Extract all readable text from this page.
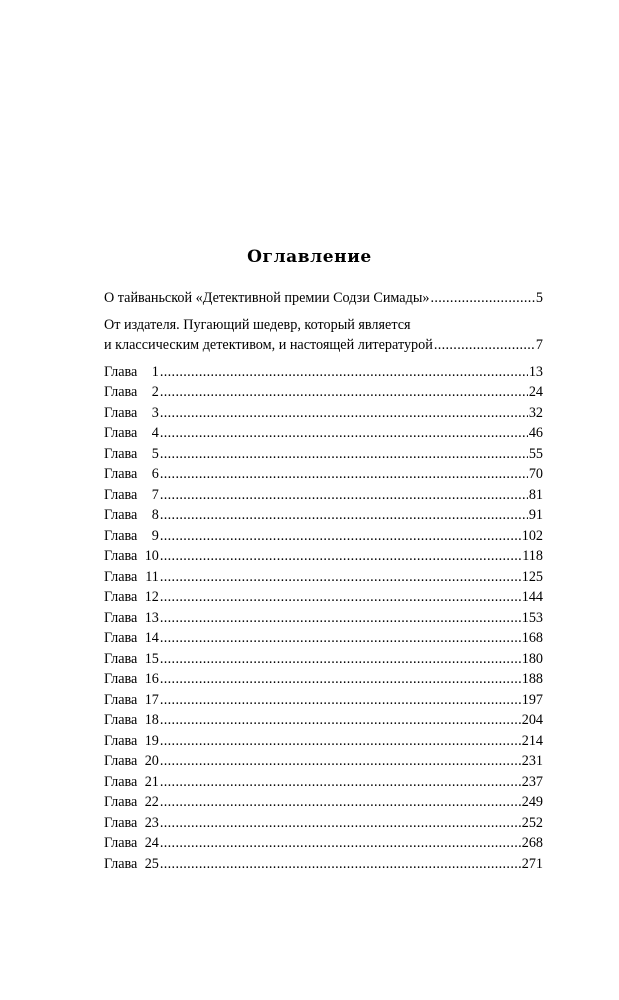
Оглавление
О тайваньской «Детективной премии Содзи Симады» . . .	5
От издателя. Пугающий шедевр, который является
и классическим детективом, и настоящей литературой . . .	7
Глава 1 . . .	13
Глава 2 . . .	24
Глава 3 . . .	32
Глава 4 . . .	46
Глава 5 . . .	55
Глава 6 . . .	70
Глава 7 . . .	81
Глава 8 . . .	91
Глава 9 . . .	102
Глава 10 . . .	118
Глава 11 . . .	125
Глава 12 . . .	144
Глава 13 . . .	153
Глава 14 . . .	168
Глава 15 . . .	180
Глава 16 . . .	188
Глава 17 . . .	197
Глава 18 . . .	204
Глава 19 . . .	214
Глава 20 . . .	231
Глава 21 . . .	237
Глава 22 . . .	249
Глава 23 . . .	252
Глава 24 . . .	268
Глава 25 . . .	271
